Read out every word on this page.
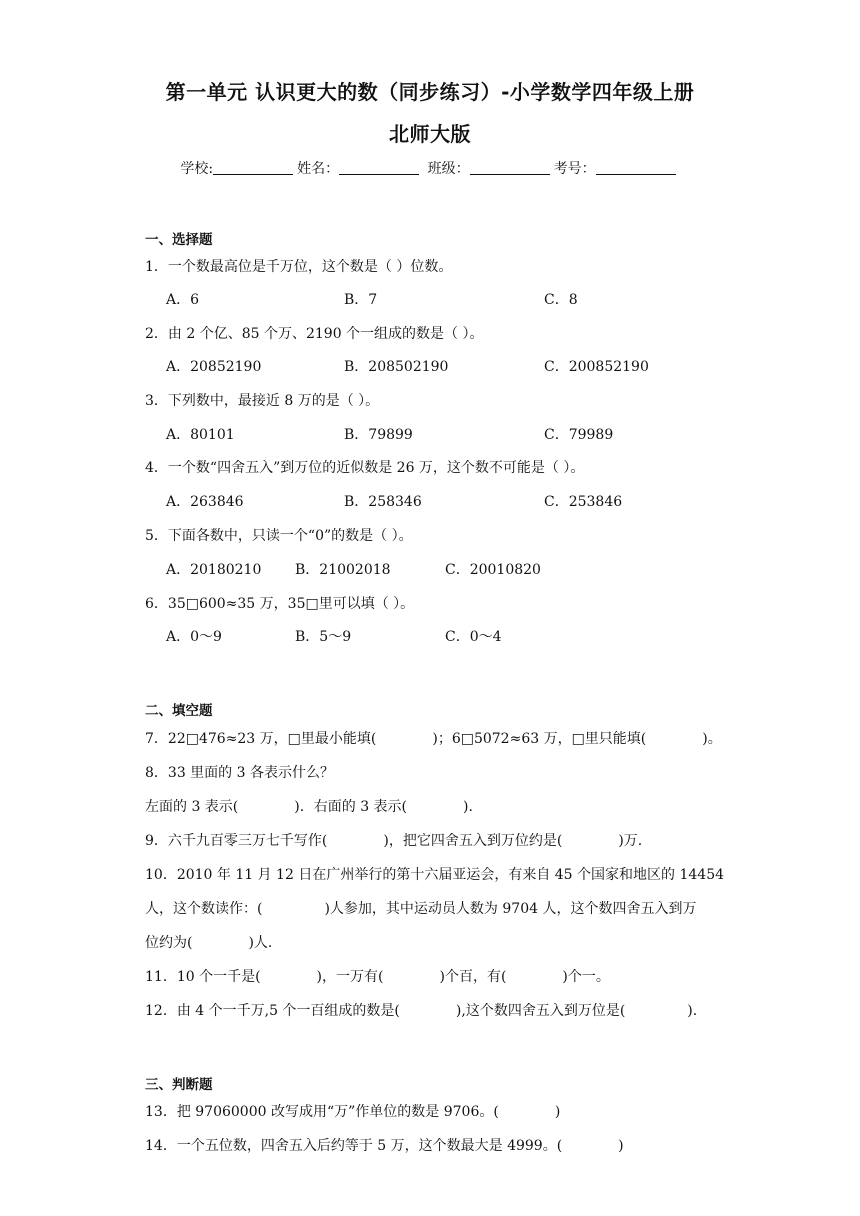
第一单元 认识更大的数（同步练习）-小学数学四年级上册
北师大版
学校:	姓名：	班级：	考号：
一、选择题
1．一个数最高位是千万位，这个数是（ ）位数。
A．6	B．7	C．8
2．由 2 个亿、85 个万、2190 个一组成的数是（ ）。
A．20852190	B．208502190	C．200852190
3．下列数中，最接近 8 万的是（ ）。
A．80101	B．79899	C．79989
4．一个数“四舍五入”到万位的近似数是 26 万，这个数不可能是（ ）。
A．263846	B．258346	C．253846
5．下面各数中，只读一个“0”的数是（ ）。
A．20180210 B．21002018	C．20010820
6．35□600≈35 万，35□里可以填（ ）。
A．0～9	B．5～9	C．0～4
二、填空题
7．22□476≈23 万，□里最小能填(	)；6□5072≈63 万，□里只能填(	)。
8．33 里面的 3 各表示什么？
左面的 3 表示(	)．右面的 3 表示(	).
9．六千九百零三万七千写作(	)，把它四舍五入到万位约是(	)万.
10．2010 年 11 月 12 日在广州举行的第十六届亚运会，有来自 45 个国家和地区的 14454
人，这个数读作：(	)人参加，其中运动员人数为 9704 人，这个数四舍五入到万
位约为(	)人.
11．10 个一千是(	)，一万有(	)个百，有(	)个一。
12．由 4 个一千万,5 个一百组成的数是(	),这个数四舍五入到万位是(	).
三、判断题
13．把 97060000 改写成用“万”作单位的数是 9706。(	)
14．一个五位数，四舍五入后约等于 5 万，这个数最大是 4999。(	)
